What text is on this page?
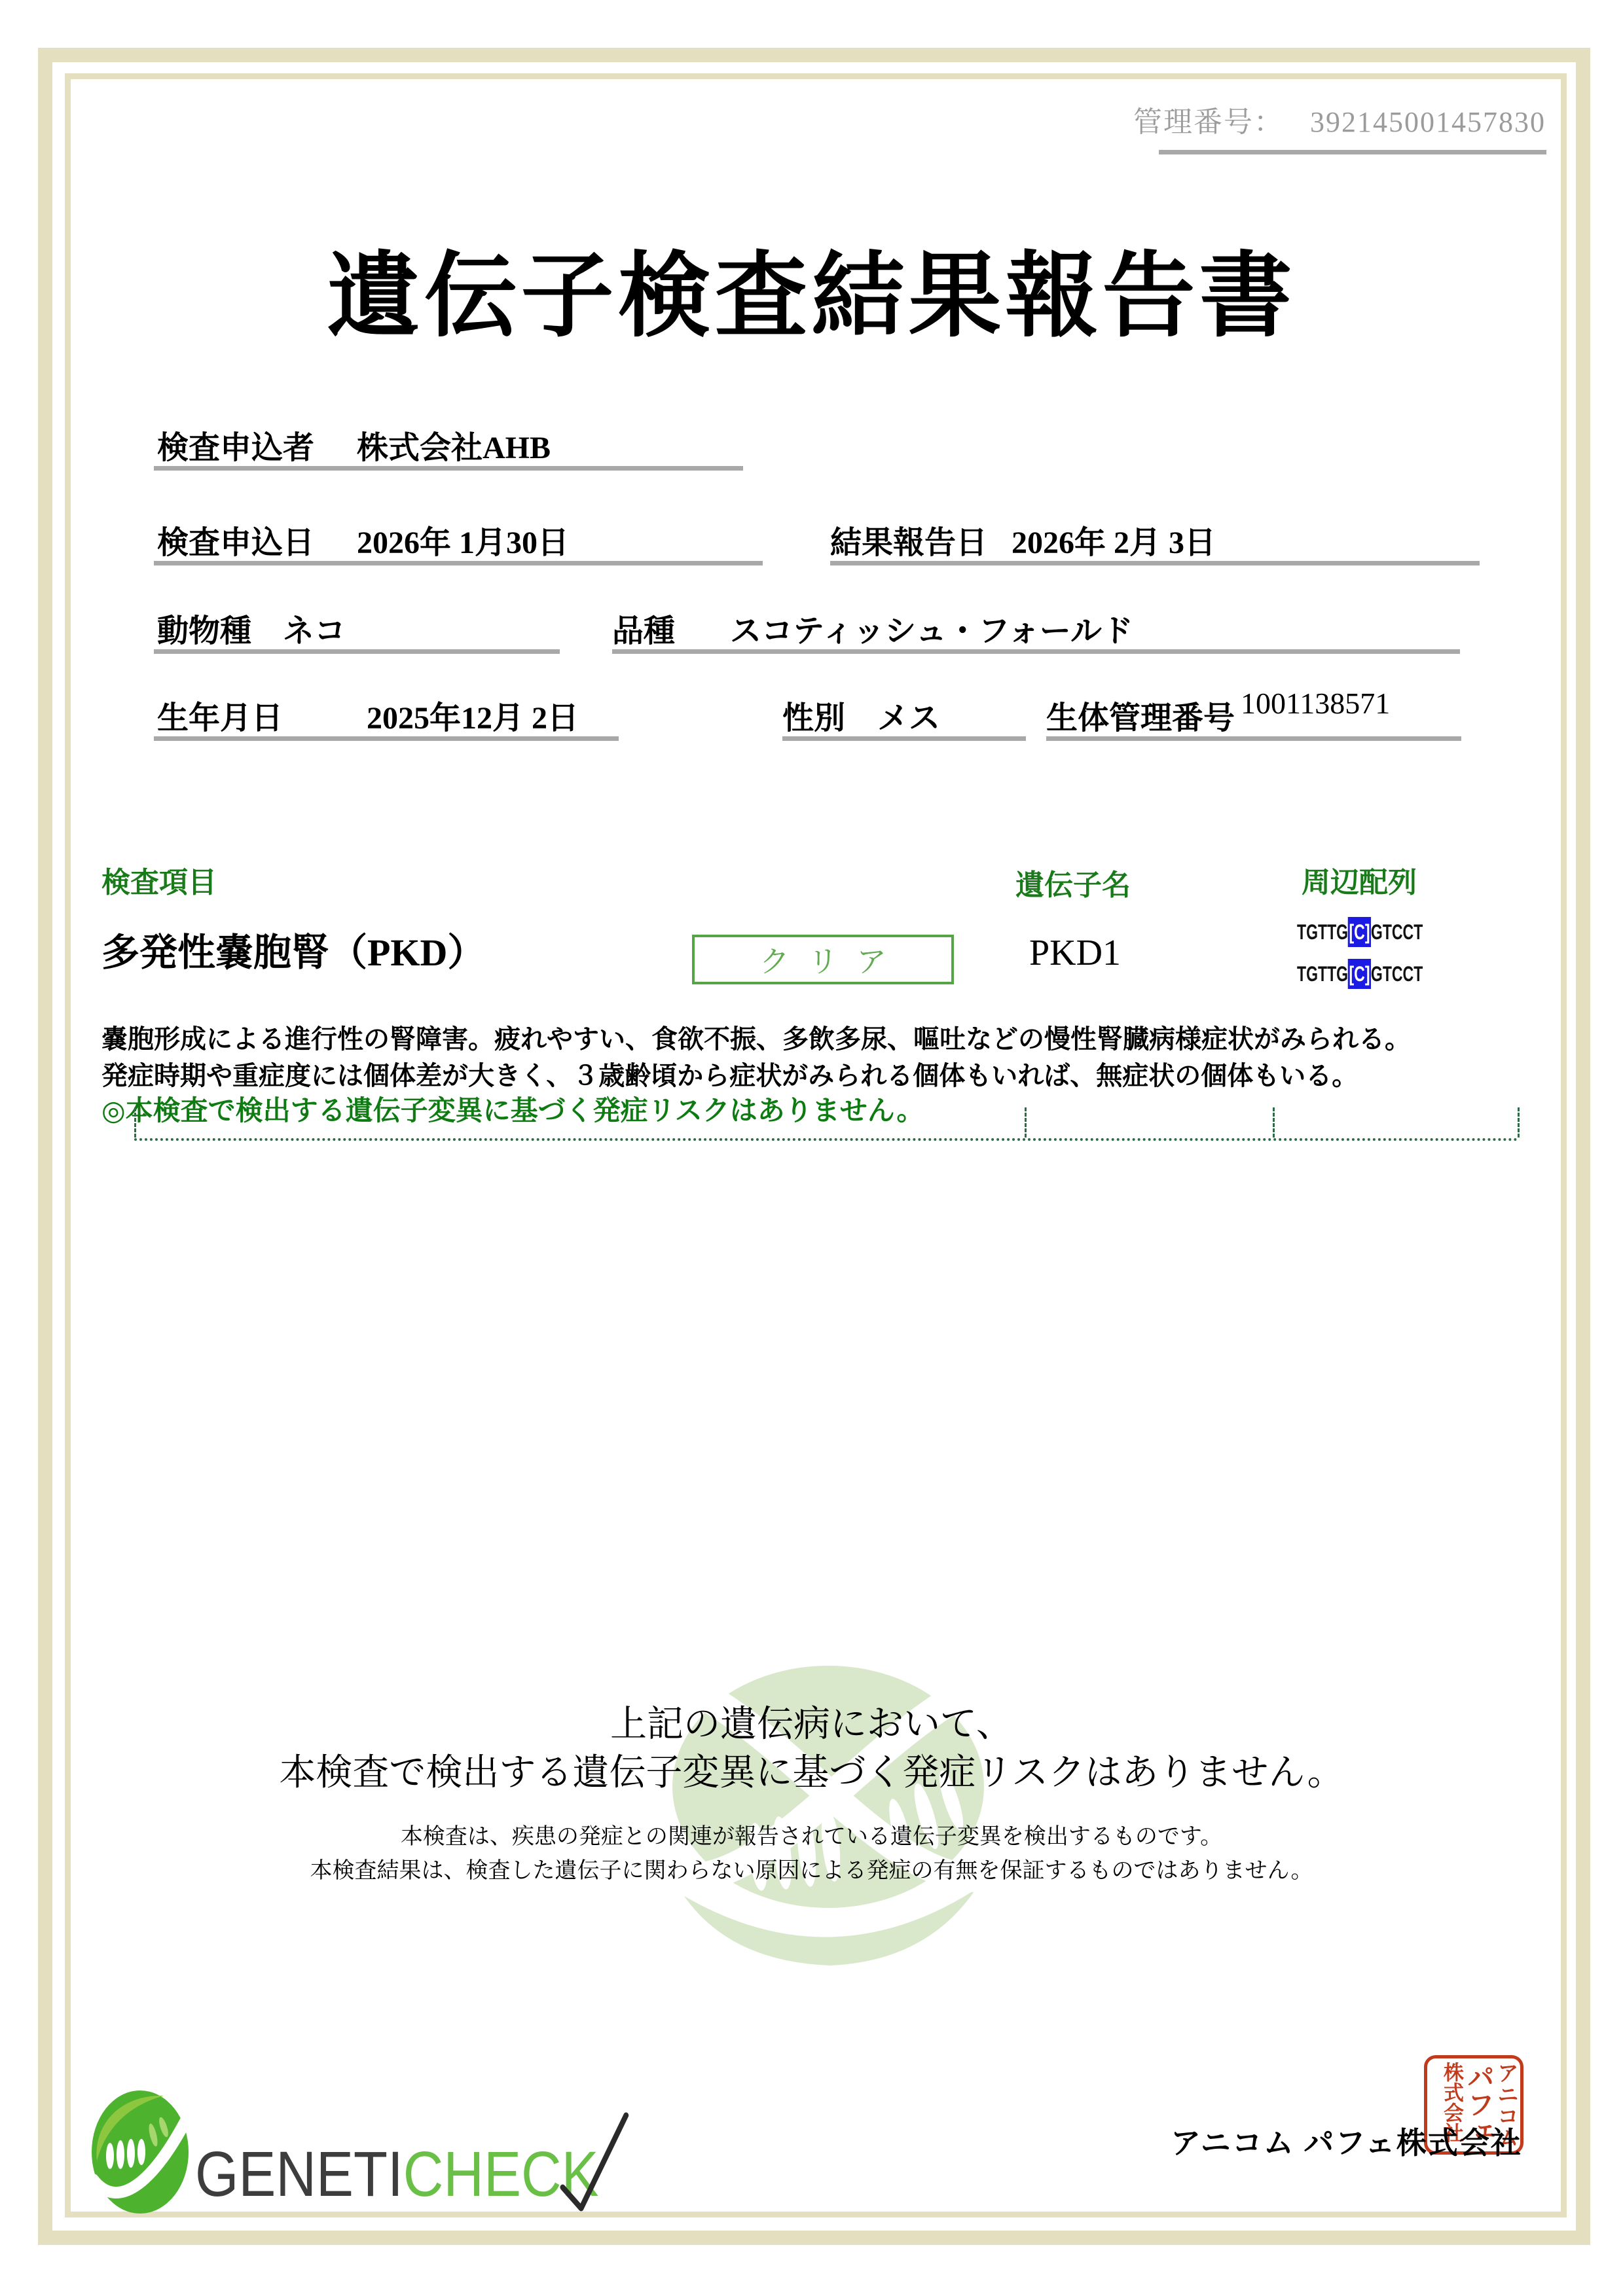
管理番号： 392145001457830
遺伝子検査結果報告書
検査申込者 株式会社AHB
検査申込日 2026年 1月30日	結果報告日 2026年 2月 3日
動物種 ネコ	品種 スコティッシュ・フォールド
生年月日	2025年12月 2日	性別 メス	生体管理番号 1001138571
検査項目	遺伝子名	周辺配列
多発性嚢胞腎（PKD）	クリア	PKD1
TGTTG[C]GTCCT
TGTTG[C]GTCCT
嚢胞形成による進行性の腎障害。疲れやすい、食欲不振、多飲多尿、嘔吐などの慢性腎臓病様症状がみられる。
発症時期や重症度には個体差が大きく、３歳齢頃から症状がみられる個体もいれば、無症状の個体もいる。
◎本検査で検出する遺伝子変異に基づく発症リスクはありません。
上記の遺伝病において、
本検査で検出する遺伝子変異に基づく発症リスクはありません。
本検査は、疾患の発症との関連が報告されている遺伝子変異を検出するものです。
本検査結果は、検査した遺伝子に関わらない原因による発症の有無を保証するものではありません。
GENETICHECK	アニコム パフェ株式会社
アニコム
パフェ
株式会社
